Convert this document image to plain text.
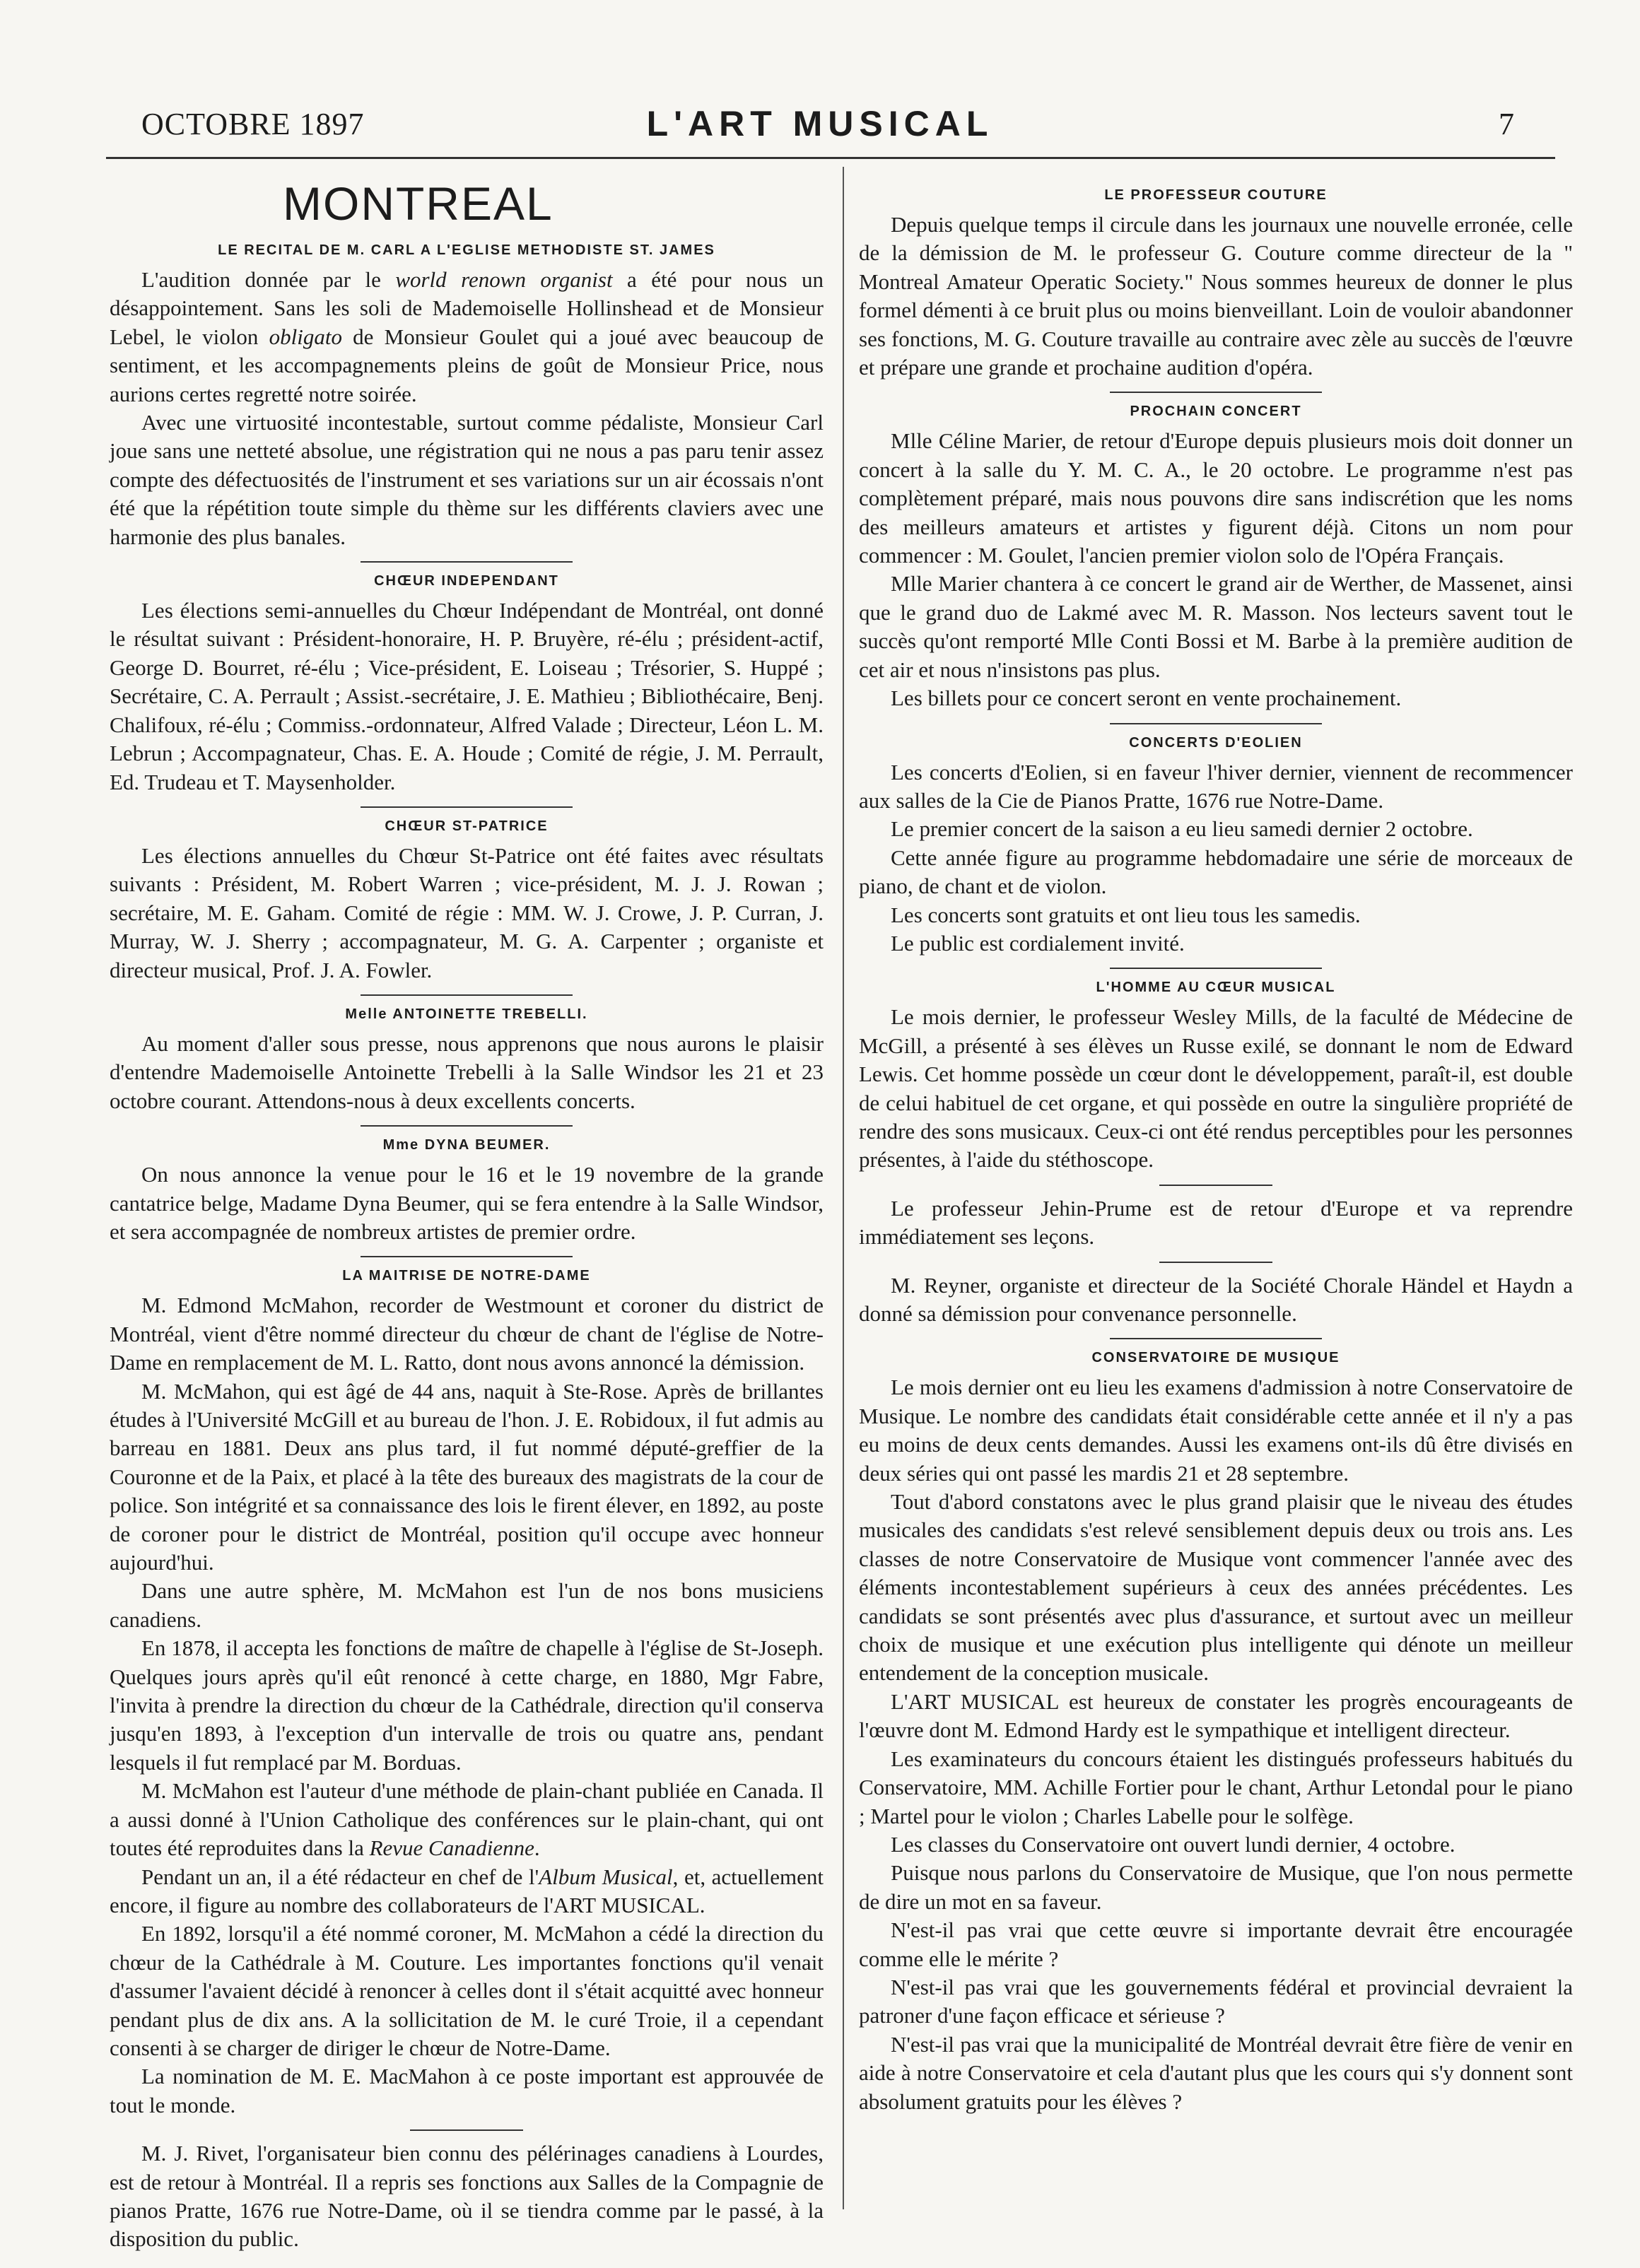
OCTOBRE 1897	L'ART MUSICAL	7
MONTREAL
LE RECITAL DE M. CARL A L'EGLISE METHODISTE ST. JAMES

L'audition donnée par le world renown organist a été pour nous un désappointement. Sans les soli de Mademoiselle Hollinshead et de Monsieur Lebel, le violon obligato de Monsieur Goulet qui a joué avec beaucoup de sentiment, et les accompagnements pleins de goût de Monsieur Price, nous aurions certes regretté notre soirée.

Avec une virtuosité incontestable, surtout comme pédaliste, Monsieur Carl joue sans une netteté absolue, une régistration qui ne nous a pas paru tenir assez compte des défectuosités de l'instrument et ses variations sur un air écossais n'ont été que la répétition toute simple du thème sur les différents claviers avec une harmonie des plus banales.

CHŒUR INDEPENDANT

Les élections semi-annuelles du Chœur Indépendant de Montréal, ont donné le résultat suivant : Président-honoraire, H. P. Bruyère, ré-élu ; président-actif, George D. Bourret, ré-élu ; Vice-président, E. Loiseau ; Trésorier, S. Huppé ; Secrétaire, C. A. Perrault ; Assist.-secrétaire, J. E. Mathieu ; Bibliothécaire, Benj. Chalifoux, ré-élu ; Commiss.-ordonnateur, Alfred Valade ; Directeur, Léon L. M. Lebrun ; Accompagnateur, Chas. E. A. Houde ; Comité de régie, J. M. Perrault, Ed. Trudeau et T. Maysenholder.

CHŒUR ST-PATRICE

Les élections annuelles du Chœur St-Patrice ont été faites avec résultats suivants : Président, M. Robert Warren ; vice-président, M. J. J. Rowan ; secrétaire, M. E. Gaham. Comité de régie : MM. W. J. Crowe, J. P. Curran, J. Murray, W. J. Sherry ; accompagnateur, M. G. A. Carpenter ; organiste et directeur musical, Prof. J. A. Fowler.

Melle ANTOINETTE TREBELLI.

Au moment d'aller sous presse, nous apprenons que nous aurons le plaisir d'entendre Mademoiselle Antoinette Trebelli à la Salle Windsor les 21 et 23 octobre courant. Attendons-nous à deux excellents concerts.

Mme DYNA BEUMER.

On nous annonce la venue pour le 16 et le 19 novembre de la grande cantatrice belge, Madame Dyna Beumer, qui se fera entendre à la Salle Windsor, et sera accompagnée de nombreux artistes de premier ordre.

LA MAITRISE DE NOTRE-DAME

M. Edmond McMahon, recorder de Westmount et coroner du district de Montréal, vient d'être nommé directeur du chœur de chant de l'église de Notre-Dame en remplacement de M. L. Ratto, dont nous avons annoncé la démission.

M. McMahon, qui est âgé de 44 ans, naquit à Ste-Rose. Après de brillantes études à l'Université McGill et au bureau de l'hon. J. E. Robidoux, il fut admis au barreau en 1881. Deux ans plus tard, il fut nommé député-greffier de la Couronne et de la Paix, et placé à la tête des bureaux des magistrats de la cour de police. Son intégrité et sa connaissance des lois le firent élever, en 1892, au poste de coroner pour le district de Montréal, position qu'il occupe avec honneur aujourd'hui.

Dans une autre sphère, M. McMahon est l'un de nos bons musiciens canadiens.

En 1878, il accepta les fonctions de maître de chapelle à l'église de St-Joseph. Quelques jours après qu'il eût renoncé à cette charge, en 1880, Mgr Fabre, l'invita à prendre la direction du chœur de la Cathédrale, direction qu'il conserva jusqu'en 1893, à l'exception d'un intervalle de trois ou quatre ans, pendant lesquels il fut remplacé par M. Borduas.

M. McMahon est l'auteur d'une méthode de plain-chant publiée en Canada. Il a aussi donné à l'Union Catholique des conférences sur le plain-chant, qui ont toutes été reproduites dans la Revue Canadienne.

Pendant un an, il a été rédacteur en chef de l'Album Musical, et, actuellement encore, il figure au nombre des collaborateurs de l'ART MUSICAL.

En 1892, lorsqu'il a été nommé coroner, M. McMahon a cédé la direction du chœur de la Cathédrale à M. Couture. Les importantes fonctions qu'il venait d'assumer l'avaient décidé à renoncer à celles dont il s'était acquitté avec honneur pendant plus de dix ans. A la sollicitation de M. le curé Troie, il a cependant consenti à se charger de diriger le chœur de Notre-Dame.

La nomination de M. E. MacMahon à ce poste important est approuvée de tout le monde.

M. J. Rivet, l'organisateur bien connu des pélérinages canadiens à Lourdes, est de retour à Montréal. Il a repris ses fonctions aux Salles de la Compagnie de pianos Pratte, 1676 rue Notre-Dame, où il se tiendra comme par le passé, à la disposition du public.

LE PROFESSEUR COUTURE

Depuis quelque temps il circule dans les journaux une nouvelle erronée, celle de la démission de M. le professeur G. Couture comme directeur de la " Montreal Amateur Operatic Society." Nous sommes heureux de donner le plus formel démenti à ce bruit plus ou moins bienveillant. Loin de vouloir abandonner ses fonctions, M. G. Couture travaille au contraire avec zèle au succès de l'œuvre et prépare une grande et prochaine audition d'opéra.

PROCHAIN CONCERT

Mlle Céline Marier, de retour d'Europe depuis plusieurs mois doit donner un concert à la salle du Y. M. C. A., le 20 octobre. Le programme n'est pas complètement préparé, mais nous pouvons dire sans indiscrétion que les noms des meilleurs amateurs et artistes y figurent déjà. Citons un nom pour commencer : M. Goulet, l'ancien premier violon solo de l'Opéra Français.

Mlle Marier chantera à ce concert le grand air de Werther, de Massenet, ainsi que le grand duo de Lakmé avec M. R. Masson. Nos lecteurs savent tout le succès qu'ont remporté Mlle Conti Bossi et M. Barbe à la première audition de cet air et nous n'insistons pas plus.

Les billets pour ce concert seront en vente prochainement.

CONCERTS D'EOLIEN

Les concerts d'Eolien, si en faveur l'hiver dernier, viennent de recommencer aux salles de la Cie de Pianos Pratte, 1676 rue Notre-Dame.

Le premier concert de la saison a eu lieu samedi dernier 2 octobre.

Cette année figure au programme hebdomadaire une série de morceaux de piano, de chant et de violon.

Les concerts sont gratuits et ont lieu tous les samedis.

Le public est cordialement invité.

L'HOMME AU CŒUR MUSICAL

Le mois dernier, le professeur Wesley Mills, de la faculté de Médecine de McGill, a présenté à ses élèves un Russe exilé, se donnant le nom de Edward Lewis. Cet homme possède un cœur dont le développement, paraît-il, est double de celui habituel de cet organe, et qui possède en outre la singulière propriété de rendre des sons musicaux. Ceux-ci ont été rendus perceptibles pour les personnes présentes, à l'aide du stéthoscope.

Le professeur Jehin-Prume est de retour d'Europe et va reprendre immédiatement ses leçons.

M. Reyner, organiste et directeur de la Société Chorale Händel et Haydn a donné sa démission pour convenance personnelle.

CONSERVATOIRE DE MUSIQUE

Le mois dernier ont eu lieu les examens d'admission à notre Conservatoire de Musique. Le nombre des candidats était considérable cette année et il n'y a pas eu moins de deux cents demandes. Aussi les examens ont-ils dû être divisés en deux séries qui ont passé les mardis 21 et 28 septembre.

Tout d'abord constatons avec le plus grand plaisir que le niveau des études musicales des candidats s'est relevé sensiblement depuis deux ou trois ans. Les classes de notre Conservatoire de Musique vont commencer l'année avec des éléments incontestablement supérieurs à ceux des années précédentes. Les candidats se sont présentés avec plus d'assurance, et surtout avec un meilleur choix de musique et une exécution plus intelligente qui dénote un meilleur entendement de la conception musicale.

L'ART MUSICAL est heureux de constater les progrès encourageants de l'œuvre dont M. Edmond Hardy est le sympathique et intelligent directeur.

Les examinateurs du concours étaient les distingués professeurs habitués du Conservatoire, MM. Achille Fortier pour le chant, Arthur Letondal pour le piano ; Martel pour le violon ; Charles Labelle pour le solfège.

Les classes du Conservatoire ont ouvert lundi dernier, 4 octobre.

Puisque nous parlons du Conservatoire de Musique, que l'on nous permette de dire un mot en sa faveur.

N'est-il pas vrai que cette œuvre si importante devrait être encouragée comme elle le mérite ?

N'est-il pas vrai que les gouvernements fédéral et provincial devraient la patroner d'une façon efficace et sérieuse ?

N'est-il pas vrai que la municipalité de Montréal devrait être fière de venir en aide à notre Conservatoire et cela d'autant plus que les cours qui s'y donnent sont absolument gratuits pour les élèves ?
